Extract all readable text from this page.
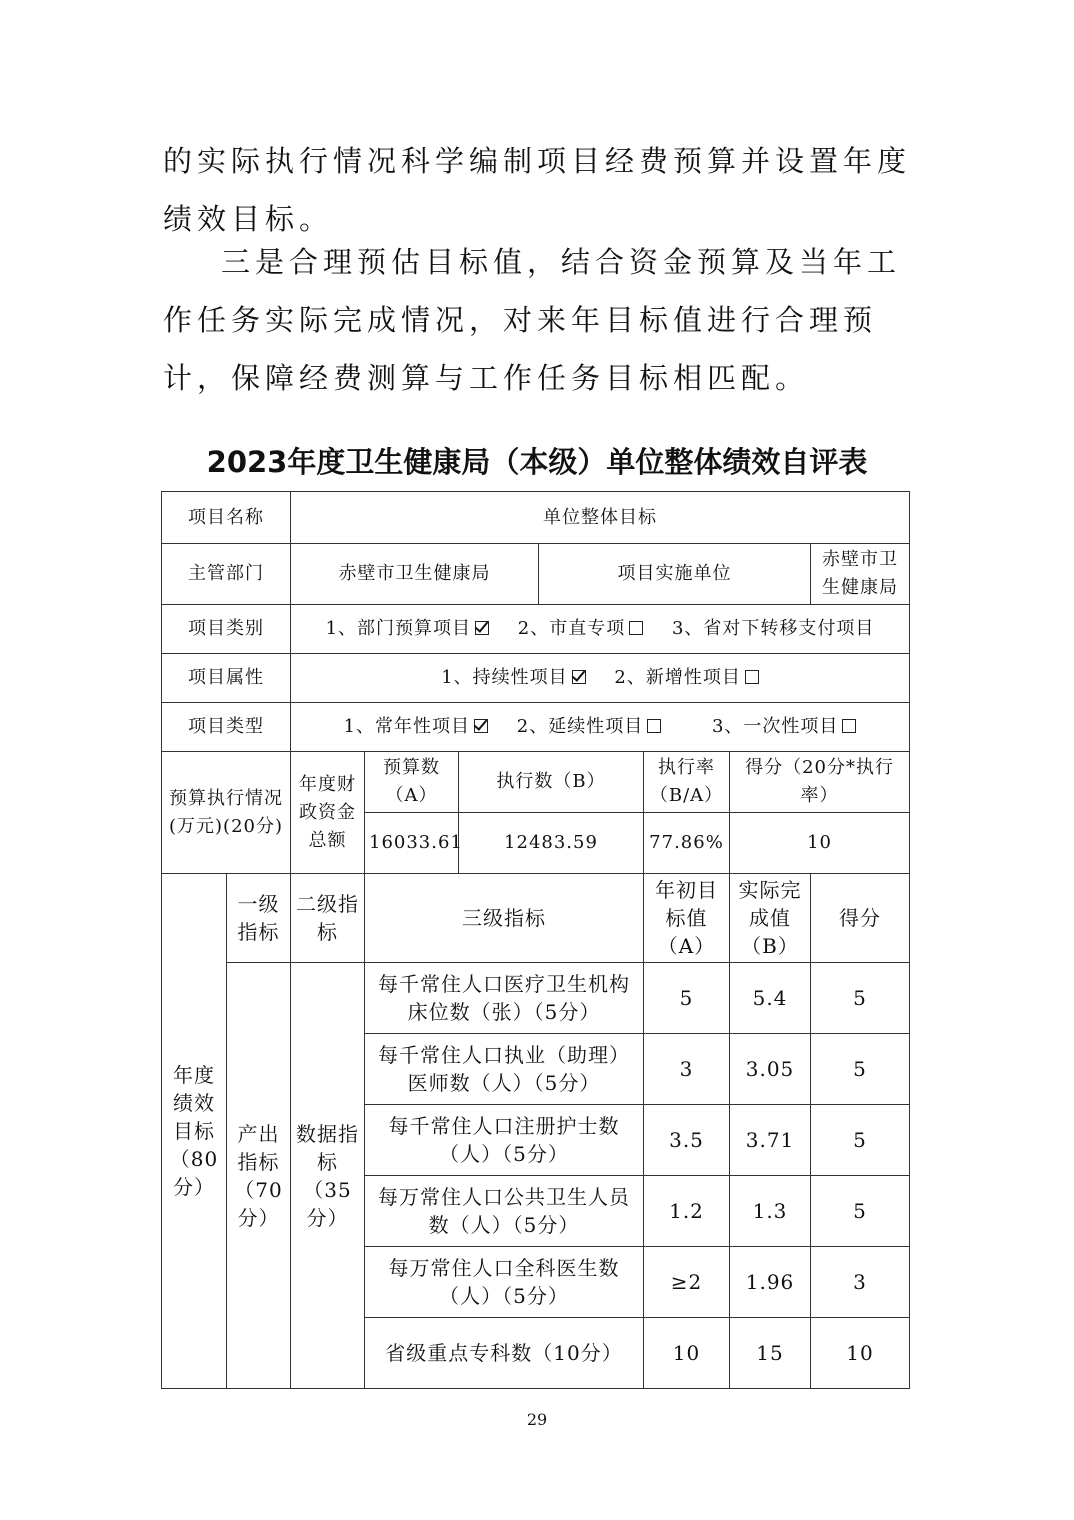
的实际执行情况科学编制项目经费预算并设置年度绩效目标。

三是合理预估目标值，结合资金预算及当年工作任务实际完成情况，对来年目标值进行合理预计，保障经费测算与工作任务目标相匹配。

2023年度卫生健康局（本级）单位整体绩效自评表
项目名称		单位整体目标						
主管部门		赤壁市卫生健康局			项目实施单位			赤壁市卫生健康局
项目类别		1、部门预算项目 2、市直专项 3、省对下转移支付项目						
项目属性		1、持续性项目 2、新增性项目						
项目类型		1、常年性项目 2、延续性项目 3、一次性项目						
预算执行情况(万元)(20分)		年度财政资金总额	预算数（A）	执行数（B）		执行率（B/A）	得分（20分*执行率）	
			16033.61	12483.59		77.86%	10	
年度绩效目标（80分）	一级指标	二级指标	三级指标			年初目标值（A）	实际完成值（B）	得分
	产出指标（70分）	数据指标（35分）	每千常住人口医疗卫生机构床位数（张）（5分）			5	5.4	5
			每千常住人口执业（助理）医师数（人）（5分）			3	3.05	5
			每千常住人口注册护士数（人）（5分）			3.5	3.71	5
			每万常住人口公共卫生人员数（人）（5分）			1.2	1.3	5
			每万常住人口全科医生数（人）（5分）			≥2	1.96	3
			省级重点专科数（10分）			10	15	10
29
